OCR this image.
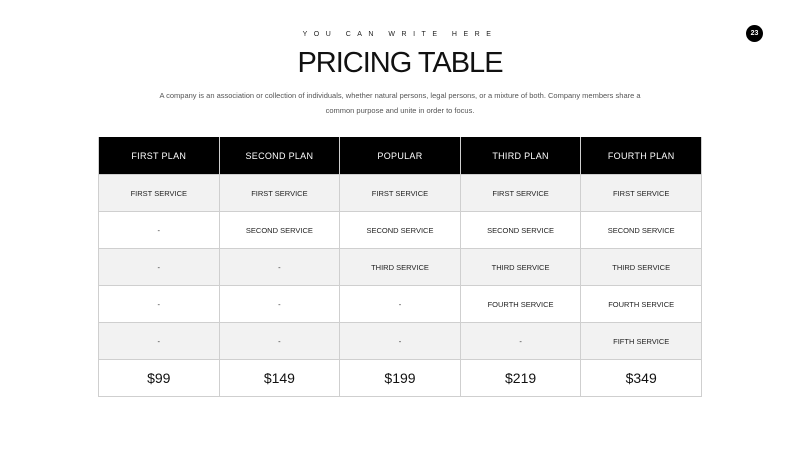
YOU CAN WRITE HERE	23
PRICING TABLE
A company is an association or collection of individuals, whether natural persons, legal persons, or a mixture of both. Company members share a common purpose and unite in order to focus.
FIRST PLAN	SECOND PLAN	POPULAR	THIRD PLAN	FOURTH PLAN
FIRST SERVICE	FIRST SERVICE	FIRST SERVICE	FIRST SERVICE	FIRST SERVICE
-	SECOND SERVICE	SECOND SERVICE	SECOND SERVICE	SECOND SERVICE
-	-	THIRD SERVICE	THIRD SERVICE	THIRD SERVICE
-	-	-	FOURTH SERVICE	FOURTH SERVICE
-	-	-	-	FIFTH SERVICE
$99	$149	$199	$219	$349
